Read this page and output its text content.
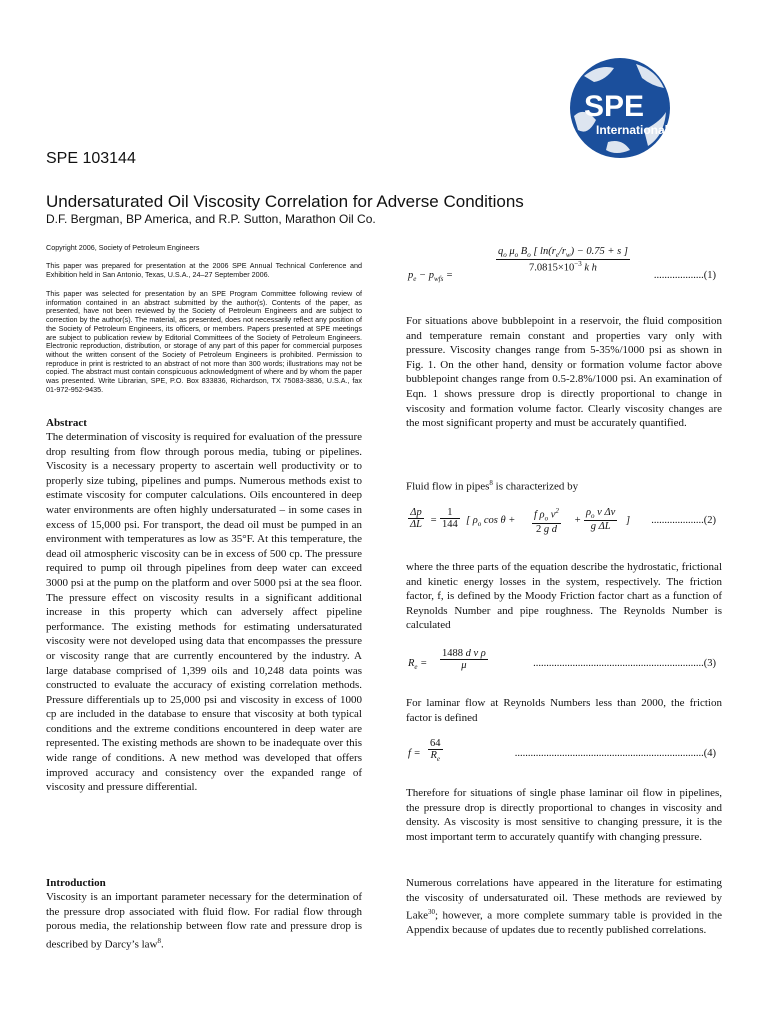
SPE
International
SPE 103144
Undersaturated Oil Viscosity Correlation for Adverse Conditions
D.F. Bergman, BP America, and R.P. Sutton, Marathon Oil Co.
Copyright 2006, Society of Petroleum Engineers
This paper was prepared for presentation at the 2006 SPE Annual Technical Conference and Exhibition held in San Antonio, Texas, U.S.A., 24–27 September 2006.
This paper was selected for presentation by an SPE Program Committee following review of information contained in an abstract submitted by the author(s). Contents of the paper, as presented, have not been reviewed by the Society of Petroleum Engineers and are subject to correction by the author(s). The material, as presented, does not necessarily reflect any position of the Society of Petroleum Engineers, its officers, or members. Papers presented at SPE meetings are subject to publication review by Editorial Committees of the Society of Petroleum Engineers. Electronic reproduction, distribution, or storage of any part of this paper for commercial purposes without the written consent of the Society of Petroleum Engineers is prohibited. Permission to reproduce in print is restricted to an abstract of not more than 300 words; illustrations may not be copied. The abstract must contain conspicuous acknowledgment of where and by whom the paper was presented. Write Librarian, SPE, P.O. Box 833836, Richardson, TX 75083-3836, U.S.A., fax 01-972-952-9435.
Abstract
The determination of viscosity is required for evaluation of the pressure drop resulting from flow through porous media, tubing or pipelines. Viscosity is a necessary property to ascertain well productivity or to properly size tubing, pipelines and pumps. Numerous methods exist to estimate viscosity for computer calculations. Oils encountered in deep water environments are often highly undersaturated – in some cases in excess of 15,000 psi. For transport, the dead oil must be pumped in an environment with temperatures as low as 35°F. At this temperature, the dead oil atmospheric viscosity can be in excess of 500 cp. The pressure required to pump oil through pipelines from deep water can exceed 3000 psi at the pump on the platform and over 5000 psi at the sea floor. The pressure effect on viscosity results in a significant additional increase in this property which can adversely affect pipeline performance. The existing methods for estimating undersaturated viscosity were not developed using data that encompasses the pressure or viscosity range that are currently encountered by the industry. A large database comprised of 1,399 oils and 10,248 data points was constructed to evaluate the accuracy of existing correlation methods. Pressure differentials up to 25,000 psi and viscosity in excess of 1000 cp are included in the database to ensure that viscosity at both typical conditions and the extreme conditions encountered in deep water are represented. The existing methods are shown to be inadequate over this wide range of conditions. A new method was developed that offers improved accuracy and consistency over the expanded range of viscosity and pressure differential.
Introduction
Viscosity is an important parameter necessary for the determination of the pressure drop associated with fluid flow. For radial flow through porous media, the relationship between flow rate and pressure drop is described by Darcy’s law$^8$.
$p_e - p_{wfs}$ =
$\frac{q_o \mu_o B_o [ \ln(r_e/r_w) - 0.75 + s ]}{7.0815\times 10^{-3} k h}$
...................(1)
For situations above bubblepoint in a reservoir, the fluid composition and temperature remain constant and properties vary only with pressure. Viscosity changes range from 5-35%/1000 psi as shown in Fig. 1. On the other hand, density or formation volume factor above bubblepoint changes range from 0.5-2.8%/1000 psi. An examination of Eqn. 1 shows pressure drop is directly proportional to change in viscosity and formation volume factor. Clearly viscosity changes are the most significant property and must be accurately quantified.
Fluid flow in pipes$^8$ is characterized by
$\frac{\Delta p}{\Delta L} = \frac{1}{144}$ [ $\rho_o$ $\cos \theta + \frac{f \rho_o v^2}{\text{2 g d}} + \frac{\rho_o v \Delta v}{\text{g ΔL}}$ ] ....................(2)
where the three parts of the equation describe the hydrostatic, frictional and kinetic energy losses in the system, respectively. The friction factor, f, is defined by the Moody Friction factor chart as a function of Reynolds Number and pipe roughness. The Reynolds Number is calculated
$R_e = \frac{\text{1488 d v ρ}}{\mu}$	.................................................................(3)
For laminar flow at Reynolds Numbers less than 2000, the friction factor is defined
$f = \frac{64}{R_e}$	........................................................................(4)
Therefore for situations of single phase laminar oil flow in pipelines, the pressure drop is directly proportional to changes in viscosity and density. As viscosity is most sensitive to changing pressure, it is the most important term to accurately quantify with changing pressure.
Numerous correlations have appeared in the literature for estimating the viscosity of undersaturated oil. These methods are reviewed by Lake$^{30}$; however, a more complete summary table is provided in the Appendix because of updates due to recently published correlations.
